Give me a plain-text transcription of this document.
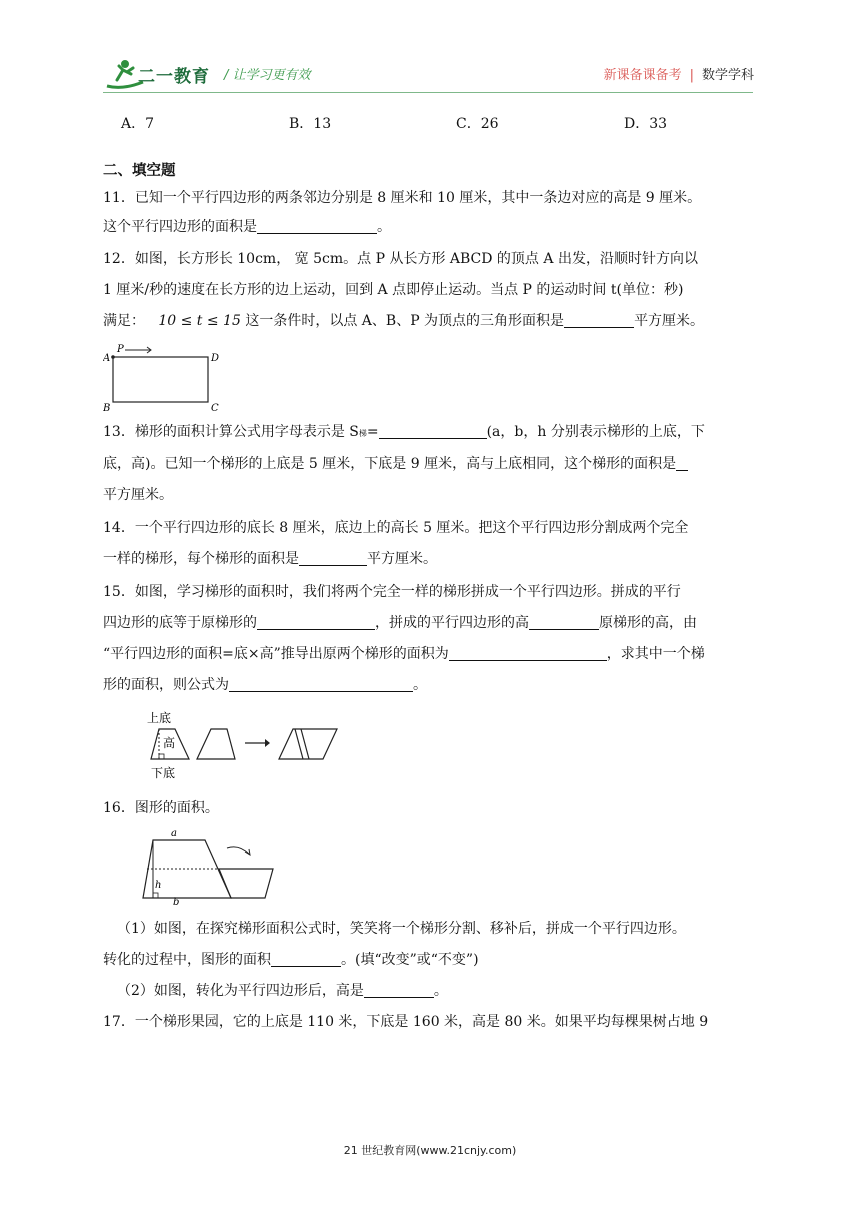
二一教育 / 让学习更有效	新课备课备考 | 数学学科
A．7	B．13	C．26	D．33
二、填空题

11．已知一个平行四边形的两条邻边分别是 8 厘米和 10 厘米，其中一条边对应的高是 9 厘米。

这个平行四边形的面积是	。

12．如图，长方形长 10cm， 宽 5cm。点 P 从长方形 ABCD 的顶点 A 出发，沿顺时针方向以

1 厘米/秒的速度在长方形的边上运动，回到 A 点即停止运动。当点 P 的运动时间 t(单位：秒)

满足： 10 ≤ t ≤ 15 这一条件时，以点 A、B、P 为顶点的三角形面积是	平方厘米。

A
P
D
B	C

13．梯形的面积计算公式用字母表示是 S梯=	(a，b，h 分别表示梯形的上底，下

底，高)。已知一个梯形的上底是 5 厘米，下底是 9 厘米，高与上底相同，这个梯形的面积是

平方厘米。

14．一个平行四边形的底长 8 厘米，底边上的高长 5 厘米。把这个平行四边形分割成两个完全

一样的梯形，每个梯形的面积是	平方厘米。

15．如图，学习梯形的面积时，我们将两个完全一样的梯形拼成一个平行四边形。拼成的平行

四边形的底等于原梯形的	，拼成的平行四边形的高	原梯形的高，由

“平行四边形的面积=底×高”推导出原两个梯形的面积为	，求其中一个梯

形的面积，则公式为	。

上底
高
下底

16．图形的面积。

a
h
b

（1）如图，在探究梯形面积公式时，笑笑将一个梯形分割、移补后，拼成一个平行四边形。

转化的过程中，图形的面积	。(填“改变”或“不变”)

（2）如图，转化为平行四边形后，高是	。

17．一个梯形果园，它的上底是 110 米，下底是 160 米，高是 80 米。如果平均每棵果树占地 9

21 世纪教育网(www.21cnjy.com)
